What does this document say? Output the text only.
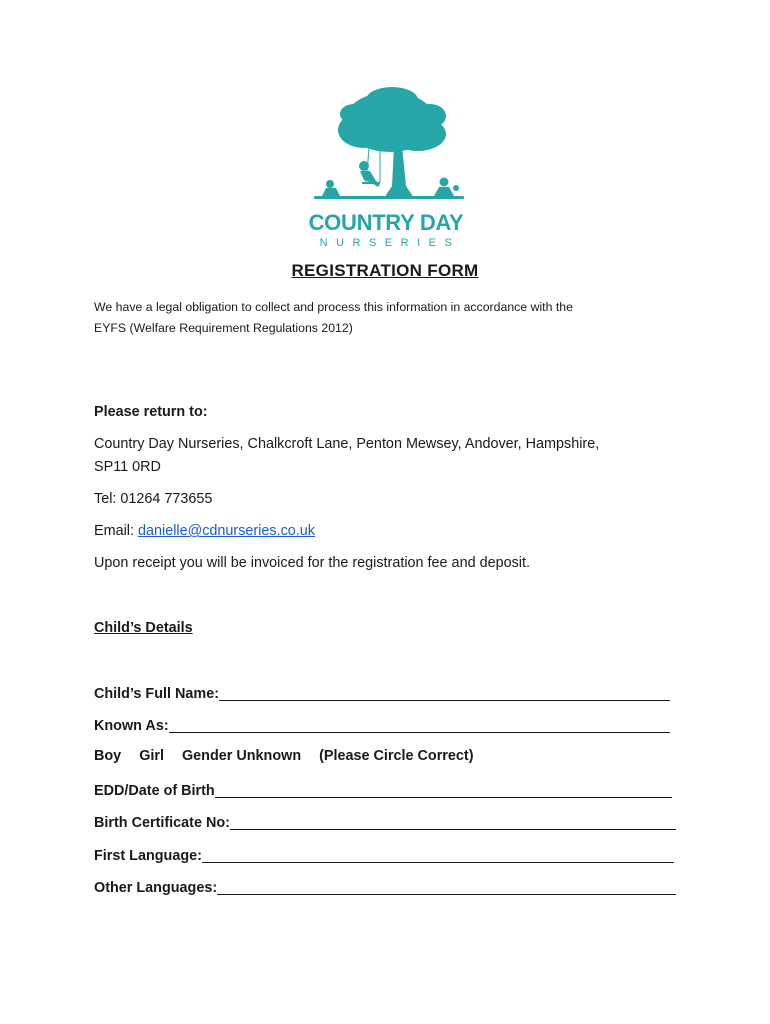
COUNTRY DAY
NURSERIES
REGISTRATION FORM

We have a legal obligation to collect and process this information in accordance with the

EYFS (Welfare Requirement Regulations 2012)

Please return to:
Country Day Nurseries, Chalkcroft Lane, Penton Mewsey, Andover, Hampshire,
SP11 0RD
Tel: 01264 773655
Email: danielle@cdnurseries.co.uk
Upon receipt you will be invoiced for the registration fee and deposit.
Child’s Details
Child’s Full Name:
Known As:
Boy Girl Gender Unknown (Please Circle Correct)
EDD/Date of Birth
Birth Certificate No:
First Language:
Other Languages:
